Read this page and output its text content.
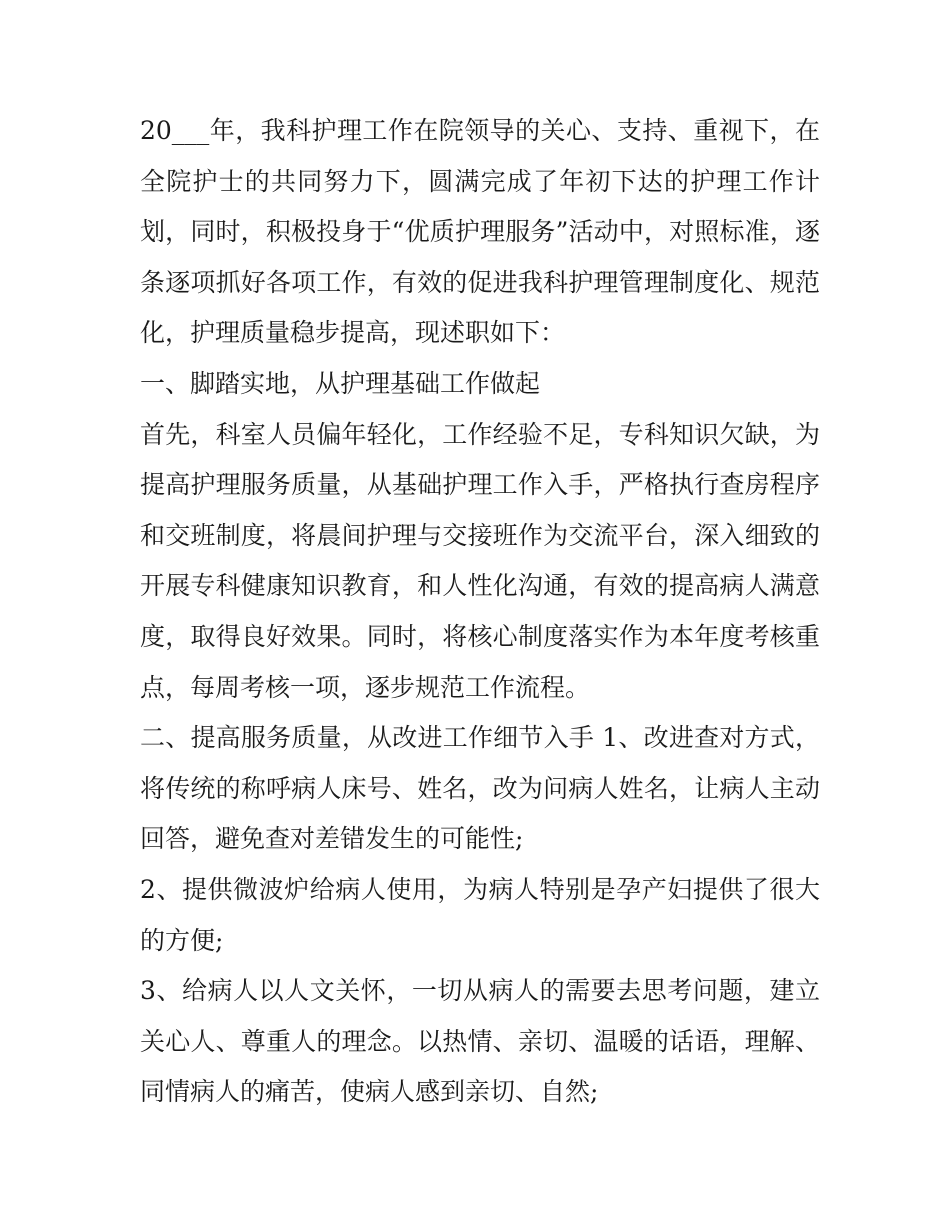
20___年，我科护理工作在院领导的关心、支持、重视下，在全院护士的共同努力下，圆满完成了年初下达的护理工作计划，同时，积极投身于“优质护理服务”活动中，对照标准，逐条逐项抓好各项工作，有效的促进我科护理管理制度化、规范化，护理质量稳步提高，现述职如下：

一、脚踏实地，从护理基础工作做起

首先，科室人员偏年轻化，工作经验不足，专科知识欠缺，为提高护理服务质量，从基础护理工作入手，严格执行查房程序和交班制度，将晨间护理与交接班作为交流平台，深入细致的开展专科健康知识教育，和人性化沟通，有效的提高病人满意度，取得良好效果。同时，将核心制度落实作为本年度考核重点，每周考核一项，逐步规范工作流程。

二、提高服务质量，从改进工作细节入手 1、改进查对方式，将传统的称呼病人床号、姓名，改为问病人姓名，让病人主动回答，避免查对差错发生的可能性;

2、提供微波炉给病人使用，为病人特别是孕产妇提供了很大的方便;

3、给病人以人文关怀，一切从病人的需要去思考问题，建立关心人、尊重人的理念。以热情、亲切、温暖的话语，理解、同情病人的痛苦，使病人感到亲切、自然;
